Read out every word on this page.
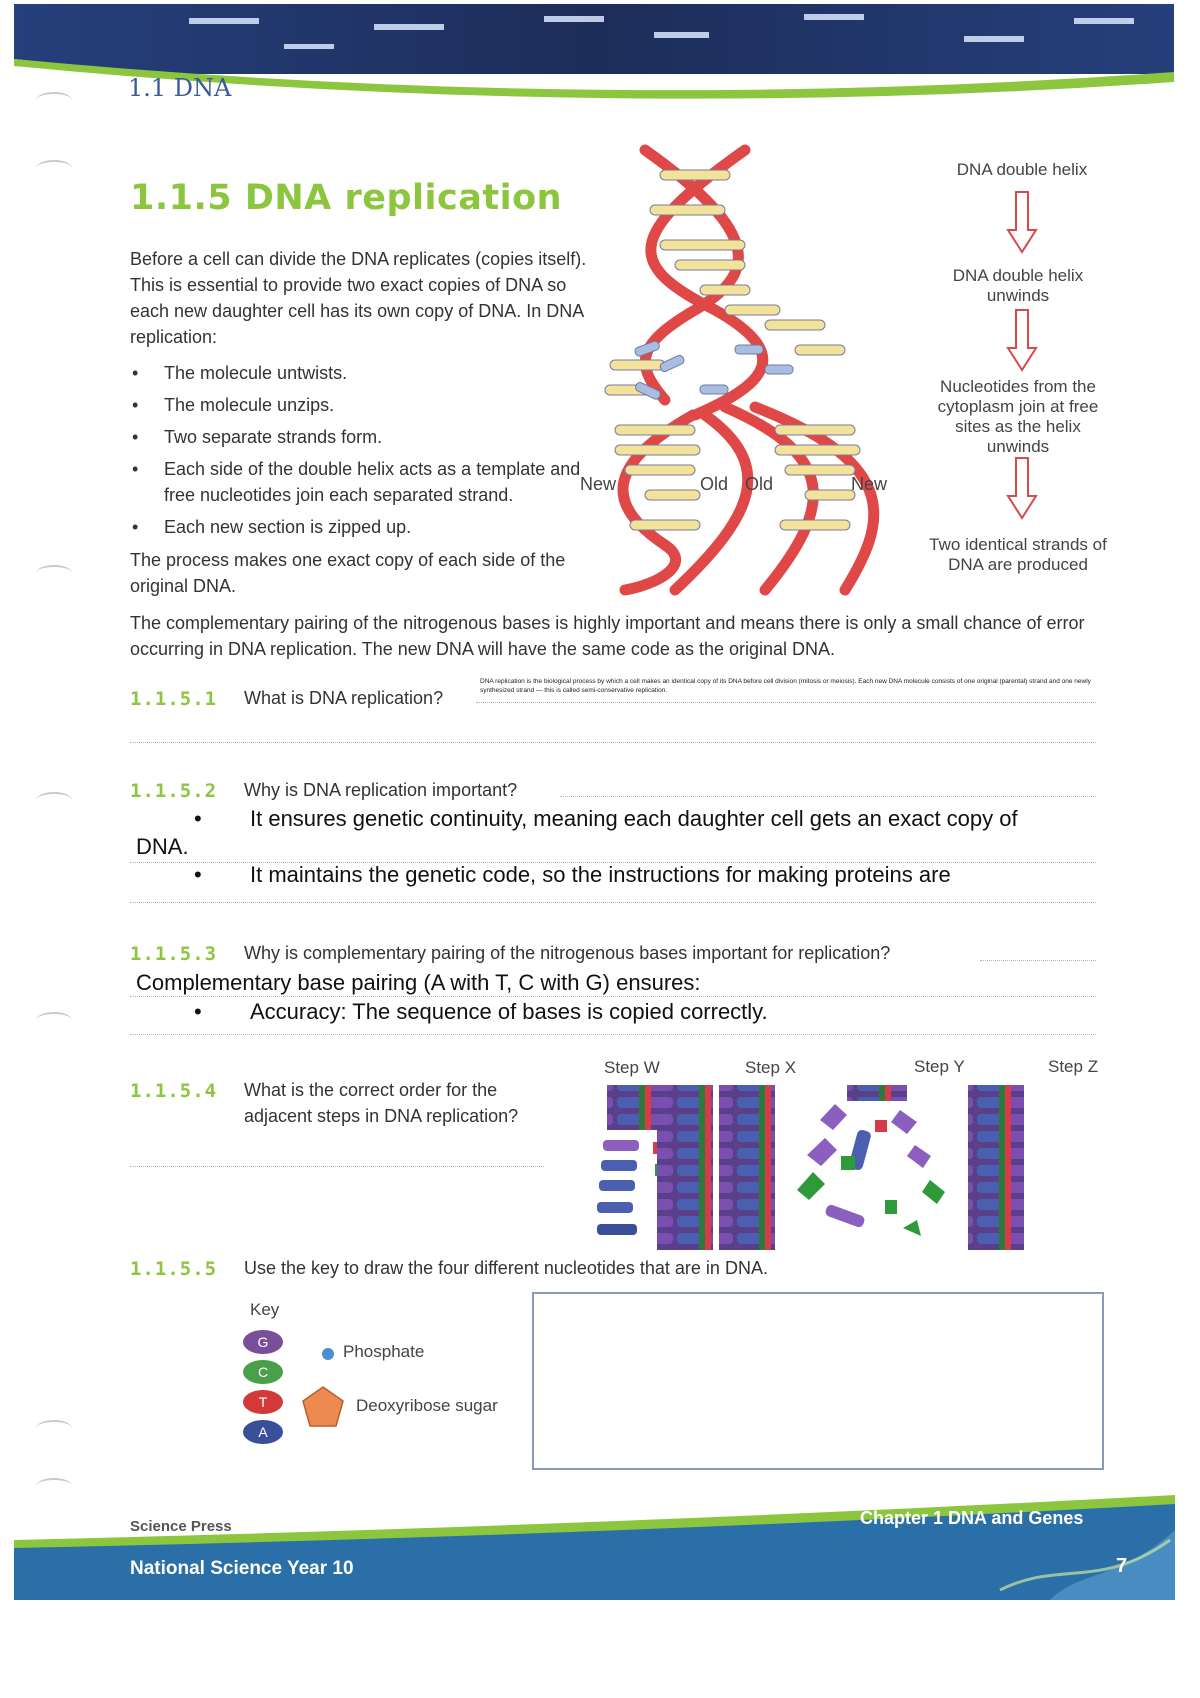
1.1 DNA
1.1.5 DNA replication
Before a cell can divide the DNA replicates (copies itself). This is essential to provide two exact copies of DNA so each new daughter cell has its own copy of DNA. In DNA replication:
• The molecule untwists.
• The molecule unzips.
• Two separate strands form.
• Each side of the double helix acts as a template and free nucleotides join each separated strand.
• Each new section is zipped up.
The process makes one exact copy of each side of the original DNA.
The complementary pairing of the nitrogenous bases is highly important and means there is only a small chance of error occurring in DNA replication. The new DNA will have the same code as the original DNA.
New	Old Old	New
DNA double helix
DNA double helix unwinds
Nucleotides from the cytoplasm join at free sites as the helix unwinds
Two identical strands of DNA are produced
1.1.5.1 What is DNA replication?
DNA replication is the biological process by which a cell makes an identical copy of its DNA before cell division (mitosis or meiosis). Each new DNA molecule consists of one original (parental) strand and one newly synthesized strand — this is called semi-conservative replication.
1.1.5.2 Why is DNA replication important?
• It ensures genetic continuity, meaning each daughter cell gets an exact copy of
DNA.
• It maintains the genetic code, so the instructions for making proteins are
1.1.5.3 Why is complementary pairing of the nitrogenous bases important for replication?
Complementary base pairing (A with T, C with G) ensures:
• Accuracy: The sequence of bases is copied correctly.
1.1.5.4 What is the correct order for the
adjacent steps in DNA replication?
Step W	Step X	Step Y	Step Z
1.1.5.5 Use the key to draw the four different nucleotides that are in DNA.
Key
G
C
T
A
Phosphate
Deoxyribose sugar
Science Press
National Science Year 10
Chapter 1 DNA and Genes
7
